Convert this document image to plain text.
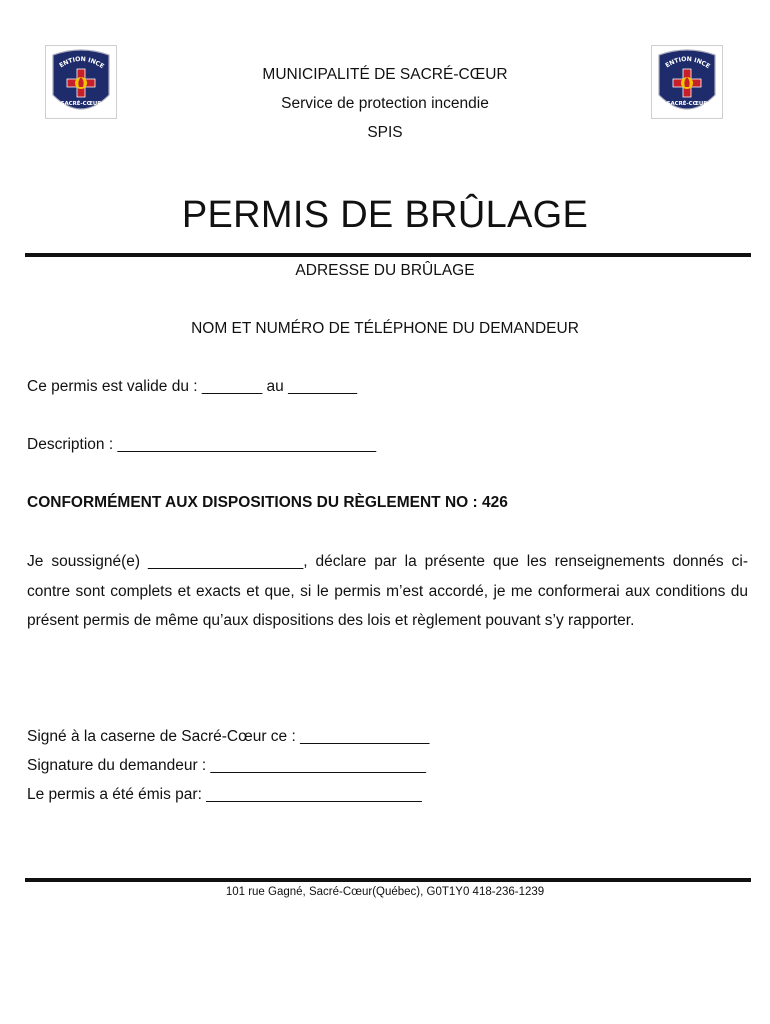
ENTION INCE
SACRÉ-CŒUR
ENTION INCE
SACRÉ-CŒUR
MUNICIPALITÉ DE SACRÉ-CŒUR
Service de protection incendie
SPIS
PERMIS DE BRÛLAGE
ADRESSE DU BRÛLAGE
NOM ET NUMÉRO DE TÉLÉPHONE DU DEMANDEUR
Ce permis est valide du : _______ au ________
Description : ______________________________
CONFORMÉMENT AUX DISPOSITIONS DU RÈGLEMENT NO : 426
Je soussigné(e) __________________, déclare par la présente que les renseignements donnés ci-contre sont complets et exacts et que, si le permis m’est accordé, je me conformerai aux conditions du présent permis de même qu’aux dispositions des lois et règlement pouvant s’y rapporter.
Signé à la caserne de Sacré-Cœur ce : _______________
Signature du demandeur : _________________________
Le permis a été émis par: _________________________
101 rue Gagné, Sacré-Cœur(Québec), G0T1Y0 418-236-1239
